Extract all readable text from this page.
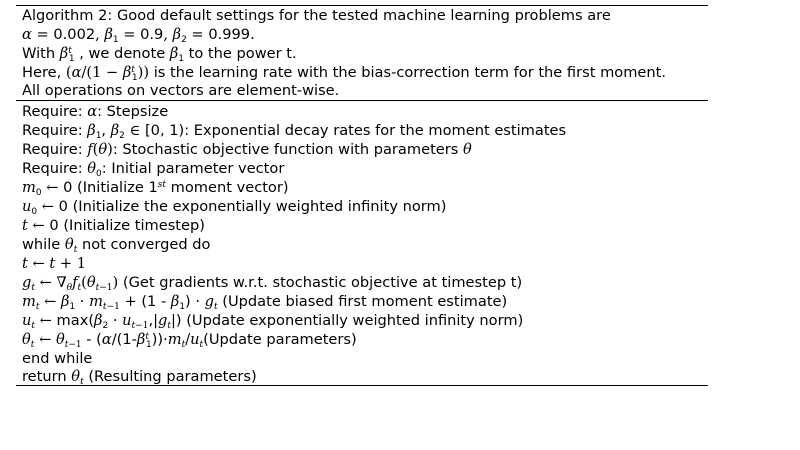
Algorithm 2: Good default settings for the tested machine learning problems are
α = 0.002, $\beta_1 = 0.9$, $\beta_2 = 0.999$.
With $\beta^t_1$ , we denote $\beta_1$ to the power t.
Here, $(\alpha/(1 - \beta^t_1))$ is the learning rate with the bias-correction term for the first moment.
All operations on vectors are element-wise.
Require: α: Stepsize
Require: $\beta_1$, $\beta_2$ ∈ [0, 1): Exponential decay rates for the moment estimates
Require: f(θ): Stochastic objective function with parameters θ
Require: $\theta_0$: Initial parameter vector
$m_0$ ← 0 (Initialize 1st moment vector)
$u_0$ ← 0 (Initialize the exponentially weighted infinity norm)
t ← 0 (Initialize timestep)
while $\theta_t$ not converged do
t ← t + 1
$g_t$ ← $\nabla_\theta f_t(\theta_{t-1})$ (Get gradients w.r.t. stochastic objective at timestep t)
$m_t$ ← $\beta_1 \cdot m_{t-1} + (1 - \beta_1) \cdot g_t$ (Update biased first moment estimate)
$u_t$ ← $\max(\beta_2 \cdot u_{t-1},|g_t|)$ (Update exponentially weighted infinity norm)
$\theta_t$ ← $\theta_{t-1}$ - $(\alpha/(1-\beta^t_1))\cdot m_t/u_t(Update$ parameters)
end while
return $\theta_t$ (Resulting parameters)
